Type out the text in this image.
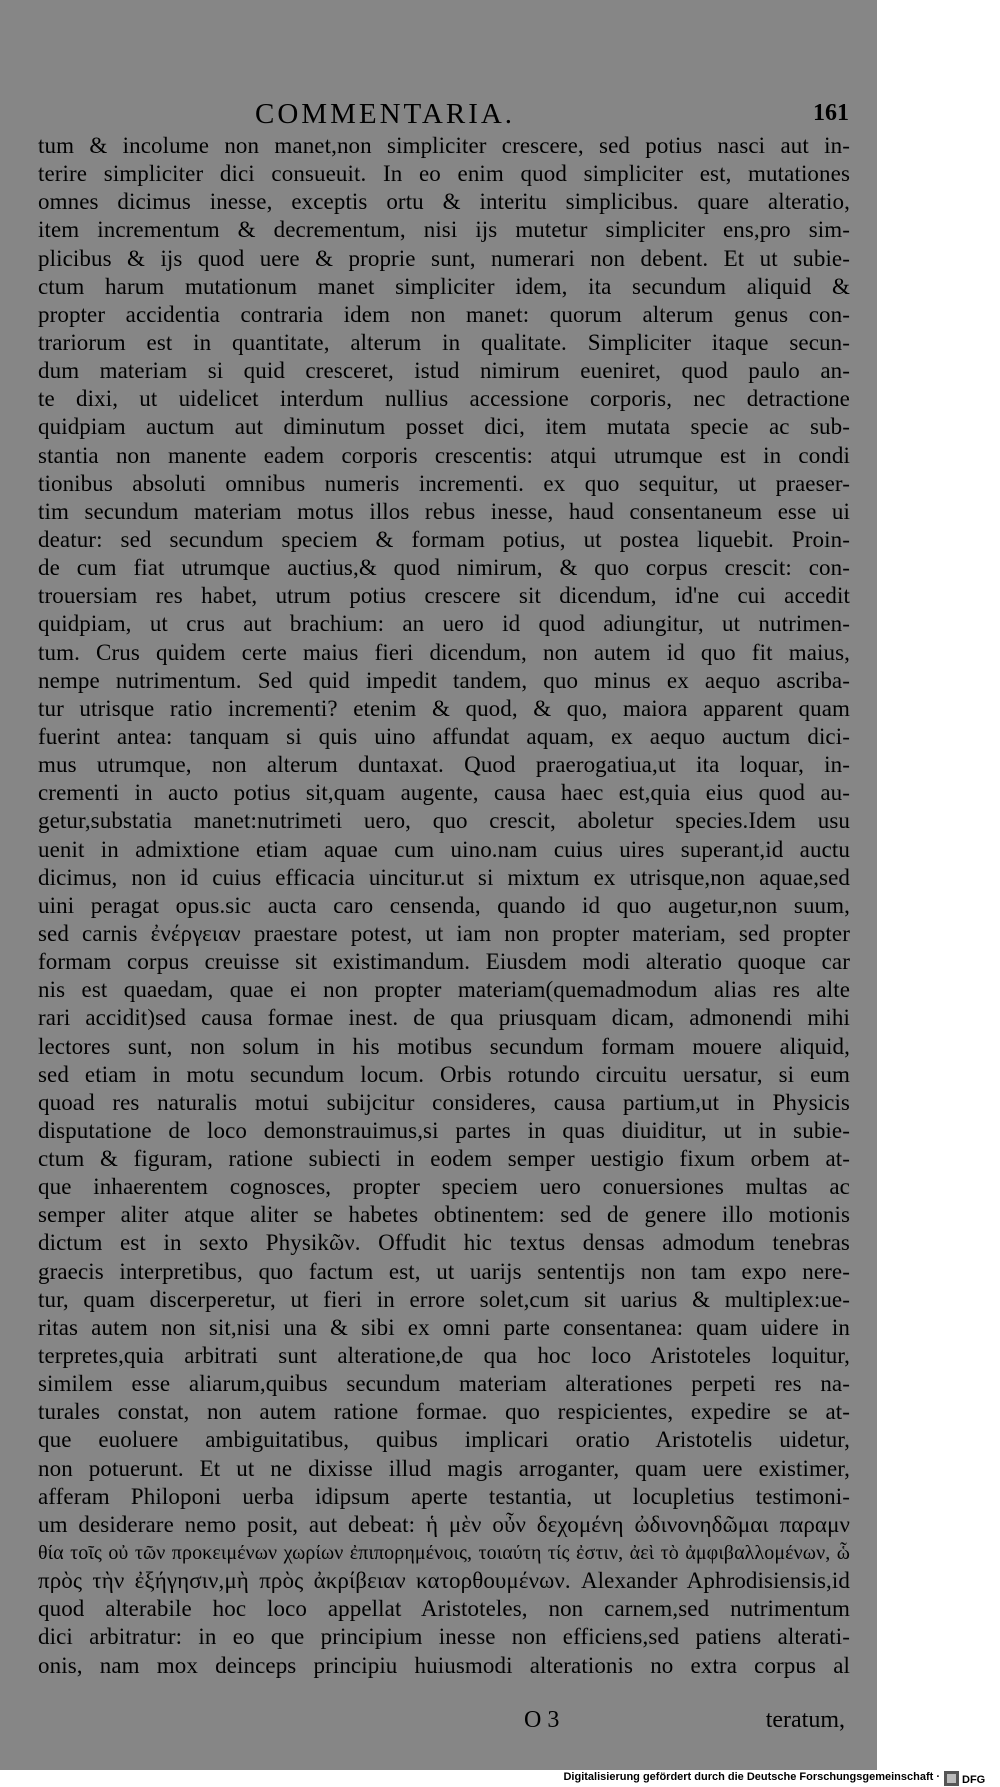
COMMENTARIA.	161
tum & incolume non manet,non simpliciter crescere, sed potius nasci aut in-
terire simpliciter dici consueuit. In eo enim quod simpliciter est, mutationes
omnes dicimus inesse, exceptis ortu & interitu simplicibus. quare alteratio,
item incrementum & decrementum, nisi ijs mutetur simpliciter ens,pro sim-
plicibus & ijs quod uere & proprie sunt, numerari non debent. Et ut subie-
ctum harum mutationum manet simpliciter idem, ita secundum aliquid &
propter accidentia contraria idem non manet: quorum alterum genus con-
trariorum est in quantitate, alterum in qualitate. Simpliciter itaque secun-
dum materiam si quid cresceret, istud nimirum eueniret, quod paulo an-
te dixi, ut uidelicet interdum nullius accessione corporis, nec detractione
quidpiam auctum aut diminutum posset dici, item mutata specie ac sub-
stantia non manente eadem corporis crescentis: atqui utrumque est in condi
tionibus absoluti omnibus numeris incrementi. ex quo sequitur, ut praeser-
tim secundum materiam motus illos rebus inesse, haud consentaneum esse ui
deatur: sed secundum speciem & formam potius, ut postea liquebit. Proin-
de cum fiat utrumque auctius,& quod nimirum, & quo corpus crescit: con-
trouersiam res habet, utrum potius crescere sit dicendum, id'ne cui accedit
quidpiam, ut crus aut brachium: an uero id quod adiungitur, ut nutrimen-
tum. Crus quidem certe maius fieri dicendum, non autem id quo fit maius,
nempe nutrimentum. Sed quid impedit tandem, quo minus ex aequo ascriba-
tur utrisque ratio incrementi? etenim & quod, & quo, maiora apparent quam
fuerint antea: tanquam si quis uino affundat aquam, ex aequo auctum dici-
mus utrumque, non alterum duntaxat. Quod praerogatiua,ut ita loquar, in-
crementi in aucto potius sit,quam augente, causa haec est,quia eius quod au-
getur,substatia manet:nutrimeti uero, quo crescit, aboletur species.Idem usu
uenit in admixtione etiam aquae cum uino.nam cuius uires superant,id auctu
dicimus, non id cuius efficacia uincitur.ut si mixtum ex utrisque,non aquae,sed
uini peragat opus.sic aucta caro censenda, quando id quo augetur,non suum,
sed carnis ἐνέργειαν praestare potest, ut iam non propter materiam, sed propter
formam corpus creuisse sit existimandum. Eiusdem modi alteratio quoque car
nis est quaedam, quae ei non propter materiam(quemadmodum alias res alte
rari accidit)sed causa formae inest. de qua priusquam dicam, admonendi mihi
lectores sunt, non solum in his motibus secundum formam mouere aliquid,
sed etiam in motu secundum locum. Orbis rotundo circuitu uersatur, si eum
quoad res naturalis motui subijcitur consideres, causa partium,ut in Physicis
disputatione de loco demonstrauimus,si partes in quas diuiditur, ut in subie-
ctum & figuram, ratione subiecti in eodem semper uestigio fixum orbem at-
que inhaerentem cognosces, propter speciem uero conuersiones multas ac
semper aliter atque aliter se habetes obtinentem: sed de genere illo motionis
dictum est in sexto Physikῶν. Offudit hic textus densas admodum tenebras
graecis interpretibus, quo factum est, ut uarijs sententijs non tam expo nere-
tur, quam discerperetur, ut fieri in errore solet,cum sit uarius & multiplex:ue-
ritas autem non sit,nisi una & sibi ex omni parte consentanea: quam uidere in
terpretes,quia arbitrati sunt alteratione,de qua hoc loco Aristoteles loquitur,
similem esse aliarum,quibus secundum materiam alterationes perpeti res na-
turales constat, non autem ratione formae. quo respicientes, expedire se at-
que euoluere ambiguitatibus, quibus implicari oratio Aristotelis uidetur,
non potuerunt. Et ut ne dixisse illud magis arroganter, quam uere existimer,
afferam Philoponi uerba idipsum aperte testantia, ut locupletius testimoni-
um desiderare nemo posit, aut debeat: ἡ μὲν οὖν δεχομένη ὠδινονηδῶμαι παραμν
θία τοῖς οὐ τῶν προκειμένων χωρίων ἐπιπορημένοις, τοιαύτη τίς ἐστιν, ἀεὶ τὸ ἀμφιβαλλομένων, ὧ
πρὸς τὴν ἐξήγησιν,μὴ πρὸς ἀκρίβειαν κατορθουμένων. Alexander Aphrodisiensis,id
quod alterabile hoc loco appellat Aristoteles, non carnem,sed nutrimentum
dici arbitratur: in eo que principium inesse non efficiens,sed patiens alterati-
onis, nam mox deinceps principiu huiusmodi alterationis no extra corpus al
O 3	teratum,
Digitalisierung gefördert durch die Deutsche Forschungsgemeinschaft · DFG
